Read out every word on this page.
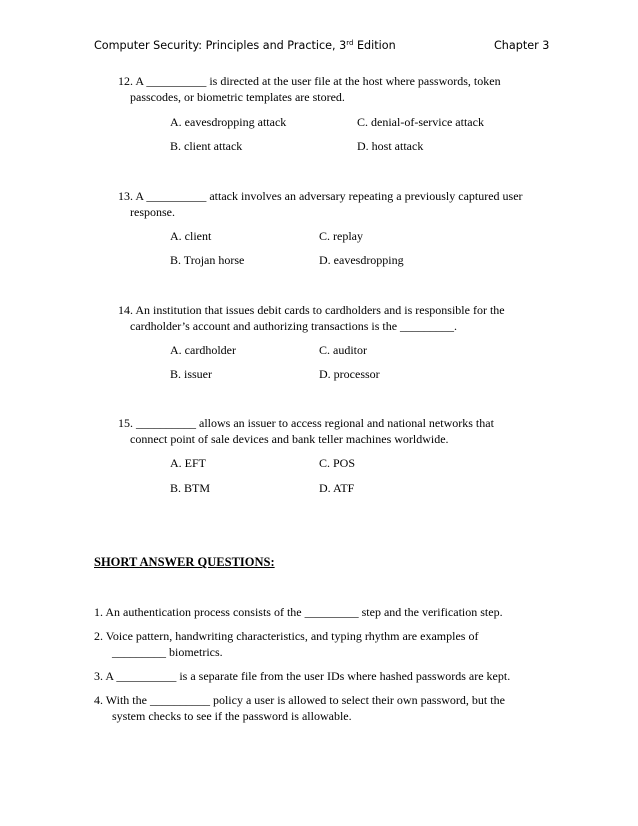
Computer Security: Principles and Practice, 3rd Edition	Chapter 3
12. A __________ is directed at the user file at the host where passwords, token
passcodes, or biometric templates are stored.
A. eavesdropping attack	C. denial-of-service attack
B. client attack	D. host attack
13. A __________ attack involves an adversary repeating a previously captured user
response.
A. client	C. replay
B. Trojan horse	D. eavesdropping
14. An institution that issues debit cards to cardholders and is responsible for the
cardholder’s account and authorizing transactions is the _________.
A. cardholder	C. auditor
B. issuer	D. processor
15. __________ allows an issuer to access regional and national networks that
connect point of sale devices and bank teller machines worldwide.
A. EFT	C. POS
B. BTM	D. ATF
SHORT ANSWER QUESTIONS:
1. An authentication process consists of the _________ step and the verification step.
2. Voice pattern, handwriting characteristics, and typing rhythm are examples of
_________ biometrics.
3. A __________ is a separate file from the user IDs where hashed passwords are kept.
4. With the __________ policy a user is allowed to select their own password, but the
system checks to see if the password is allowable.
